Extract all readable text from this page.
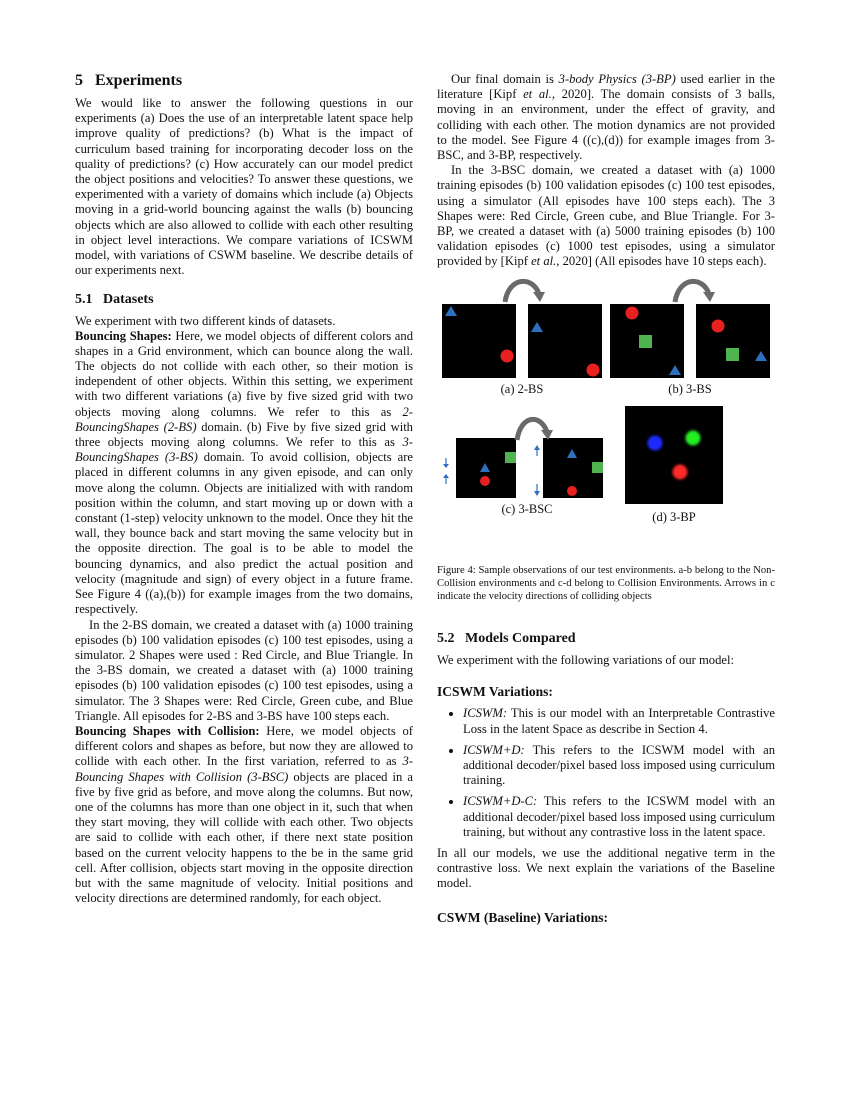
5   Experiments

We would like to answer the following questions in our experiments (a) Does the use of an interpretable latent space help improve quality of predictions? (b) What is the impact of curriculum based training for incorporating decoder loss on the quality of predictions? (c) How accurately can our model predict the object positions and velocities? To answer these questions, we experimented with a variety of domains which include (a) Objects moving in a grid-world bouncing against the walls (b) bouncing objects which are also allowed to collide with each other resulting in object level interactions. We compare variations of ICSWM model, with variations of CSWM baseline. We describe details of our experiments next.

5.1   Datasets

We experiment with two different kinds of datasets.

Bouncing Shapes: Here, we model objects of different colors and shapes in a Grid environment, which can bounce along the wall. The objects do not collide with each other, so their motion is independent of other objects. Within this setting, we experiment with two different variations (a) five by five sized grid with two objects moving along columns. We refer to this as 2-BouncingShapes (2-BS) domain. (b) Five by five sized grid with three objects moving along columns. We refer to this as 3-BouncingShapes (3-BS) domain. To avoid collision, objects are placed in different columns in any given episode, and can only move along the column. Objects are initialized with with random position within the column, and start moving up or down with a constant (1-step) velocity unknown to the model. Once they hit the wall, they bounce back and start moving the same velocity but in the opposite direction. The goal is to be able to model the bouncing dynamics, and also predict the actual position and velocity (magnitude and sign) of every object in a future frame. See Figure 4 ((a),(b)) for example images from the two domains, respectively.

In the 2-BS domain, we created a dataset with (a) 1000 training episodes (b) 100 validation episodes (c) 100 test episodes, using a simulator. 2 Shapes were used : Red Circle, and Blue Triangle. In the 3-BS domain, we created a dataset with (a) 1000 training episodes (b) 100 validation episodes (c) 100 test episodes, using a simulator. The 3 Shapes were: Red Circle, Green cube, and Blue Triangle. All episodes for 2-BS and 3-BS have 100 steps each.

Bouncing Shapes with Collision: Here, we model objects of different colors and shapes as before, but now they are allowed to collide with each other. In the first variation, referred to as 3-Bouncing Shapes with Collision (3-BSC) objects are placed in a five by five grid as before, and move along the columns. But now, one of the columns has more than one object in it, such that when they start moving, they will collide with each other. Two objects are said to collide with each other, if there next state position based on the current velocity happens to the be in the same grid cell. After collision, objects start moving in the opposite direction but with the same magnitude of velocity. Initial positions and velocity directions are determined randomly, for each object.

Our final domain is 3-body Physics (3-BP) used earlier in the literature [Kipf et al., 2020]. The domain consists of 3 balls, moving in an environment, under the effect of gravity, and colliding with each other. The motion dynamics are not provided to the model. See Figure 4 ((c),(d)) for example images from 3-BSC, and 3-BP, respectively.

In the 3-BSC domain, we created a dataset with (a) 1000 training episodes (b) 100 validation episodes (c) 100 test episodes, using a simulator (All episodes have 100 steps each). The 3 Shapes were: Red Circle, Green cube, and Blue Triangle. For 3-BP, we created a dataset with (a) 5000 training episodes (b) 100 validation episodes (c) 1000 test episodes, using a simulator provided by [Kipf et al., 2020] (All episodes have 10 steps each).

(a) 2-BS	(b) 3-BS
(c) 3-BSC
(d) 3-BP

Figure 4: Sample observations of our test environments. a-b belong to the Non-Collision environments and c-d belong to Collision Environments. Arrows in c indicate the velocity directions of colliding objects

5.2   Models Compared

We experiment with the following variations of our model:

ICSWM Variations:
• ICSWM: This is our model with an Interpretable Contrastive Loss in the latent Space as describe in Section 4.
• ICSWM+D: This refers to the ICSWM model with an additional decoder/pixel based loss imposed using curriculum training.
• ICSWM+D-C: This refers to the ICSWM model with an additional decoder/pixel based loss imposed using curriculum training, but without any contrastive loss in the latent space.

In all our models, we use the additional negative term in the contrastive loss. We next explain the variations of the Baseline model.

CSWM (Baseline) Variations:
